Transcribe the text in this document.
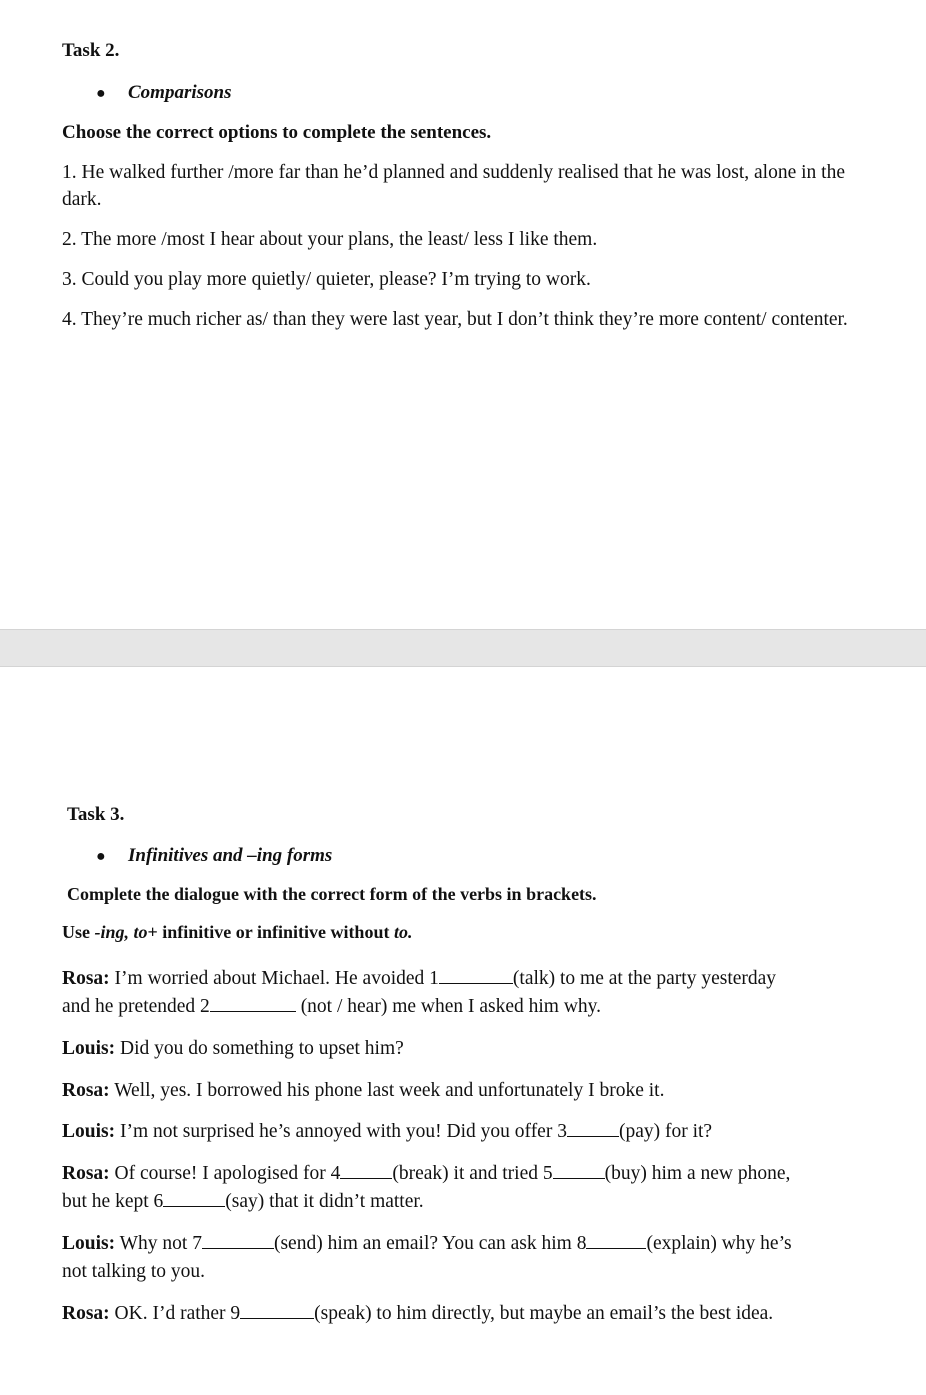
Task 2.
● Comparisons
Choose the correct options to complete the sentences.
1. He walked further /more far than he’d planned and suddenly realised that he was lost, alone in the dark.
2. The more /most I hear about your plans, the least/ less I like them.
3. Could you play more quietly/ quieter, please? I’m trying to work.
4. They’re much richer as/ than they were last year, but I don’t think they’re more content/ contenter.
Task 3.
● Infinitives and –ing forms
Complete the dialogue with the correct form of the verbs in brackets.
Use -ing, to+ infinitive or infinitive without to.
Rosa: I’m worried about Michael. He avoided 1	(talk) to me at the party yesterday
and he pretended 2	(not / hear) me when I asked him why.
Louis: Did you do something to upset him?
Rosa: Well, yes. I borrowed his phone last week and unfortunately I broke it.
Louis: I’m not surprised he’s annoyed with you! Did you offer 3	(pay) for it?
Rosa: Of course! I apologised for 4	(break) it and tried 5	(buy) him a new phone,
but he kept 6	(say) that it didn’t matter.
Louis: Why not 7	(send) him an email? You can ask him 8	(explain) why he’s
not talking to you.
Rosa: OK. I’d rather 9	(speak) to him directly, but maybe an email’s the best idea.
